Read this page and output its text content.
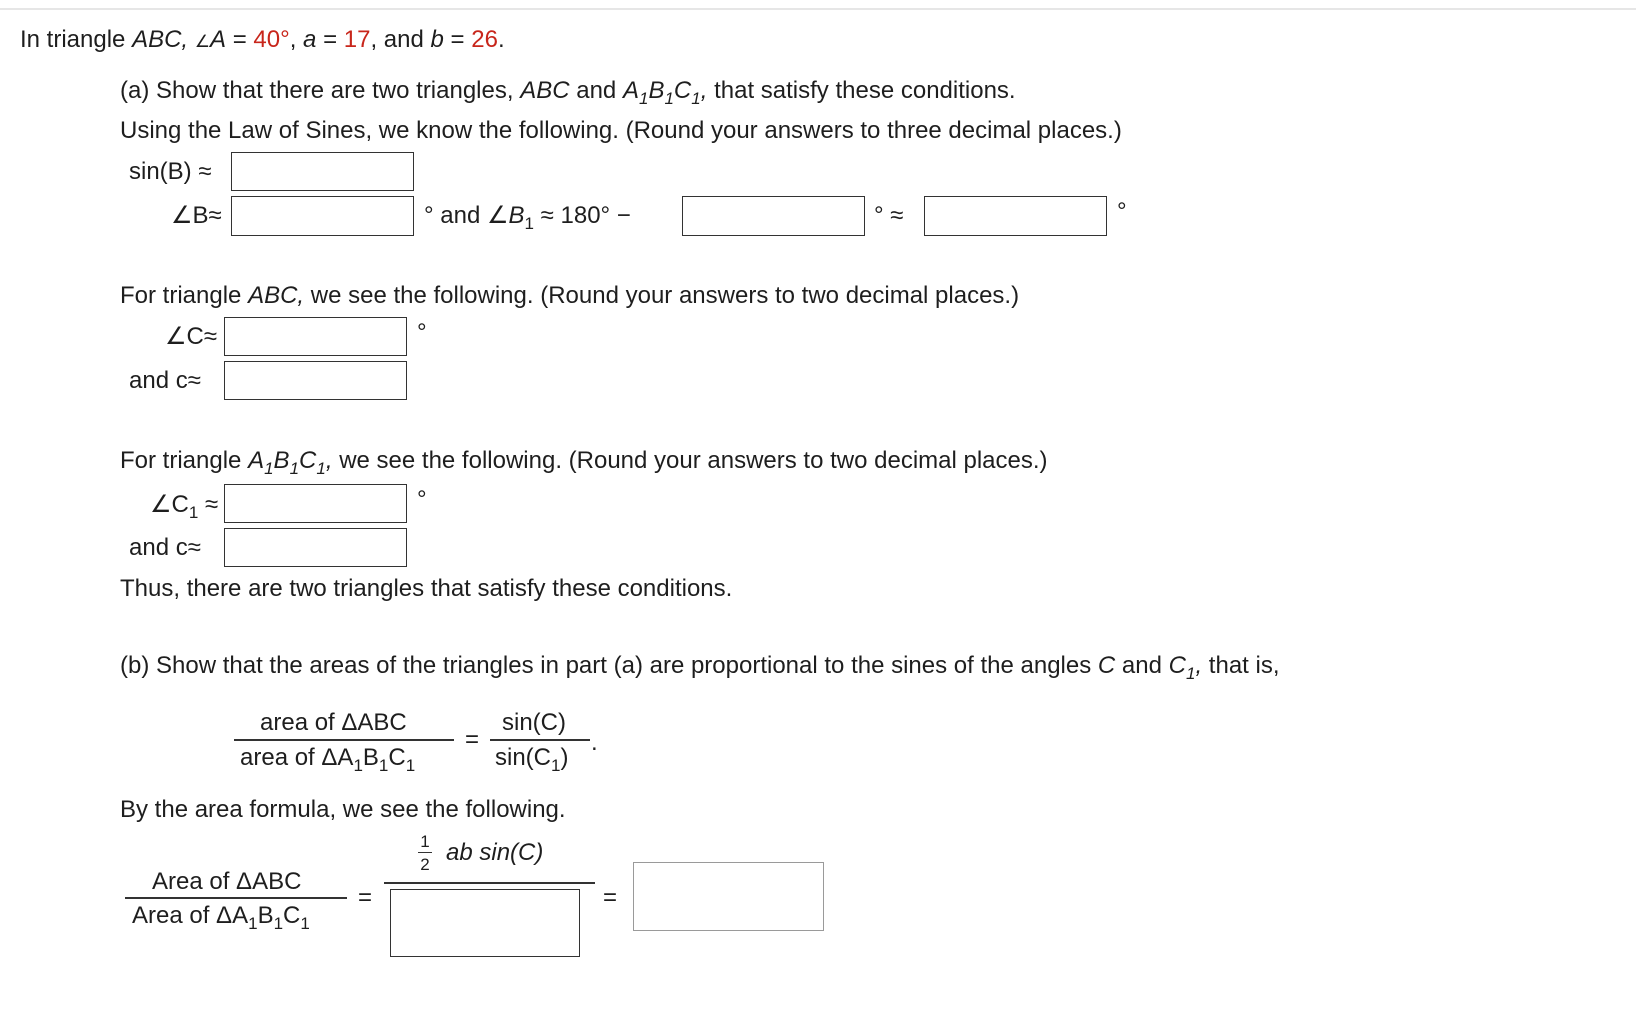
In triangle ABC, ∠A = 40°, a = 17, and b = 26.
(a) Show that there are two triangles, ABC and $A_1B_1C_1$, that satisfy these conditions.
Using the Law of Sines, we know the following. (Round your answers to three decimal places.)
sin(B) ≈
∠B≈	° and $\angle B_1 \approx 180^\circ$ −	° ≈	°
For triangle ABC, we see the following. (Round your answers to two decimal places.)
∠C≈	°
and c≈
For triangle $A_1B_1C_1$, we see the following. (Round your answers to two decimal places.)
$\angle C_1$ ≈	°
and c≈
Thus, there are two triangles that satisfy these conditions.
(b) Show that the areas of the triangles in part (a) are proportional to the sines of the angles C and $C_1$, that is,
area of ΔABC
area of $\Delta A_1B_1C_1$
=
sin(C)
$\sin(C_1)$
.
By the area formula, we see the following.
1
2 ab sin(C)
Area of ΔABC
Area of $\Delta A_1B_1C_1$
=	=
